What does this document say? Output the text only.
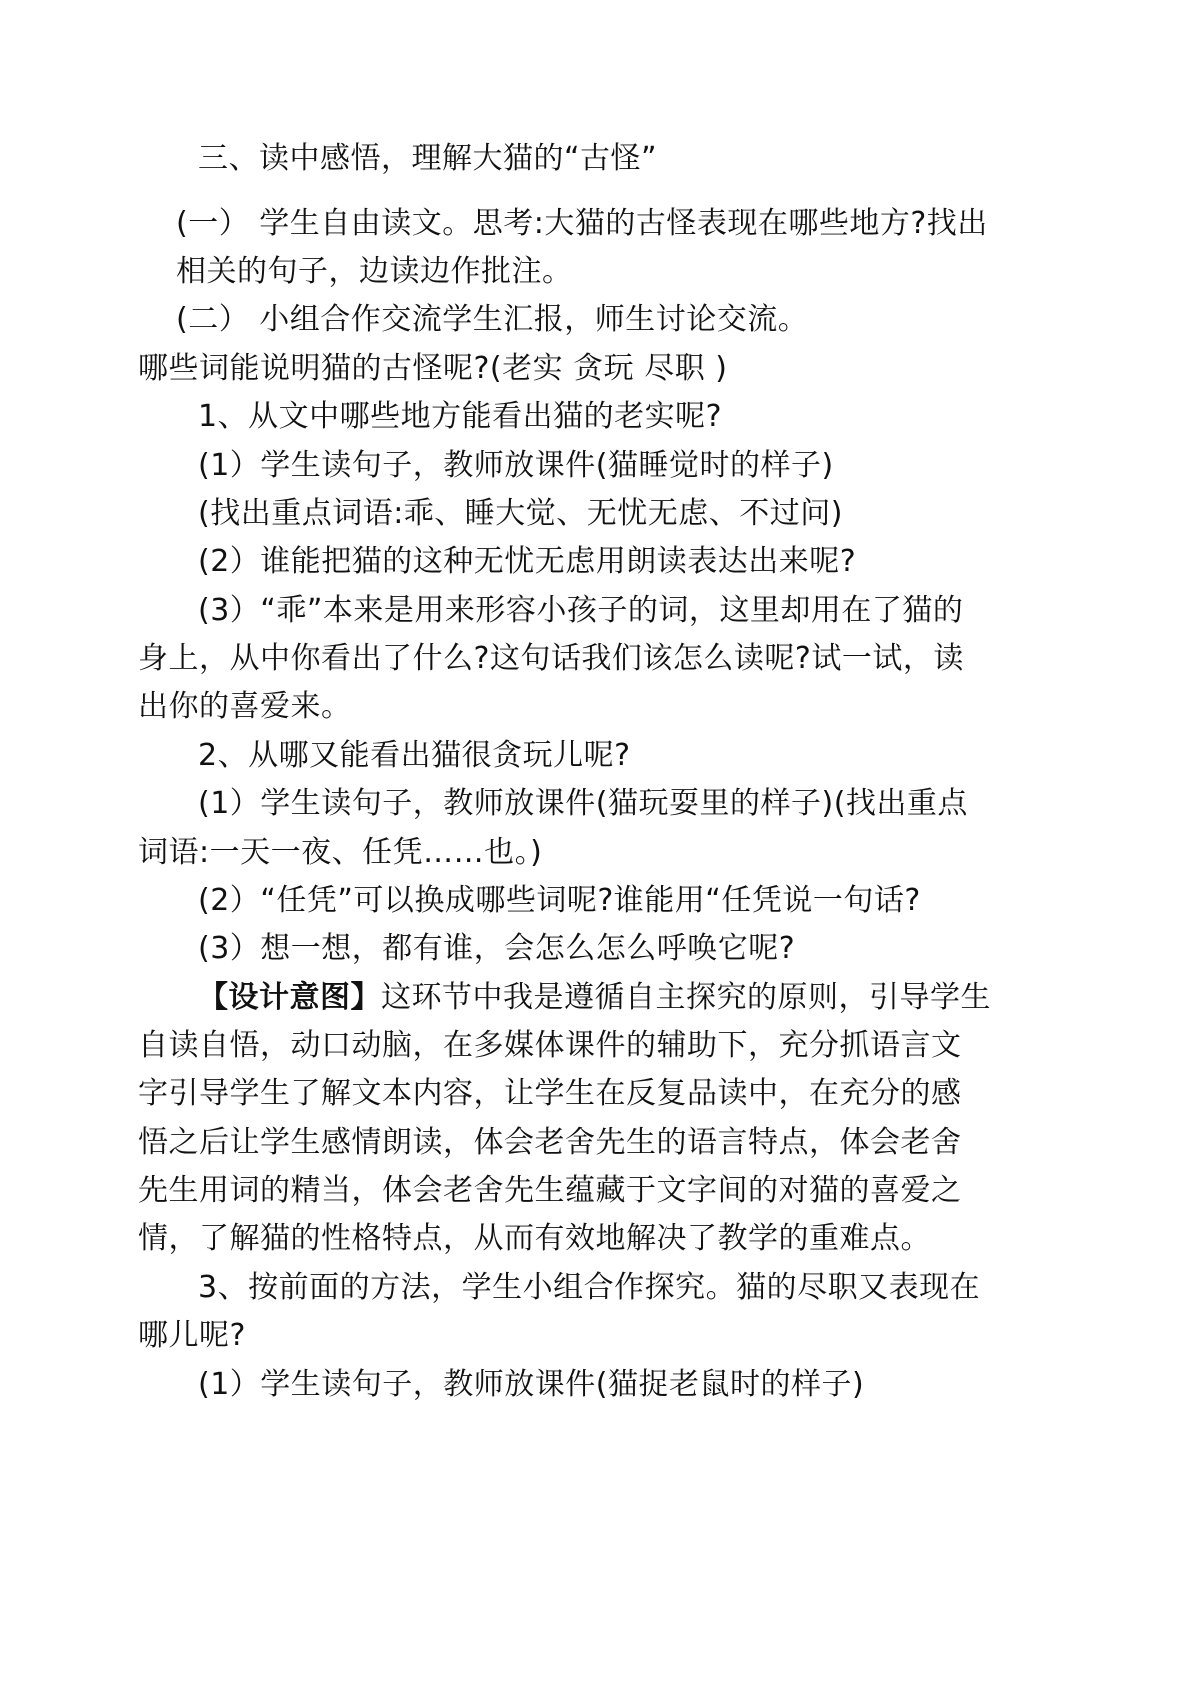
三、读中感悟，理解大猫的“古怪”
(一） 学生自由读文。思考:大猫的古怪表现在哪些地方?找出
相关的句子，边读边作批注。
(二） 小组合作交流学生汇报，师生讨论交流。
哪些词能说明猫的古怪呢?(老实 贪玩 尽职 )
1、从文中哪些地方能看出猫的老实呢?
(1）学生读句子，教师放课件(猫睡觉时的样子)
(找出重点词语:乖、睡大觉、无忧无虑、不过问)
(2）谁能把猫的这种无忧无虑用朗读表达出来呢?
(3）“乖”本来是用来形容小孩子的词，这里却用在了猫的
身上，从中你看出了什么?这句话我们该怎么读呢?试一试，读
出你的喜爱来。
2、从哪又能看出猫很贪玩儿呢?
(1）学生读句子，教师放课件(猫玩耍里的样子)(找出重点
词语:一天一夜、任凭……也。)
(2）“任凭”可以换成哪些词呢?谁能用“任凭说一句话?
(3）想一想，都有谁，会怎么怎么呼唤它呢?
【设计意图】这环节中我是遵循自主探究的原则，引导学生
自读自悟，动口动脑，在多媒体课件的辅助下，充分抓语言文
字引导学生了解文本内容，让学生在反复品读中，在充分的感
悟之后让学生感情朗读，体会老舍先生的语言特点，体会老舍
先生用词的精当，体会老舍先生蕴藏于文字间的对猫的喜爱之
情，了解猫的性格特点，从而有效地解决了教学的重难点。
3、按前面的方法，学生小组合作探究。猫的尽职又表现在
哪儿呢?
(1）学生读句子，教师放课件(猫捉老鼠时的样子)
